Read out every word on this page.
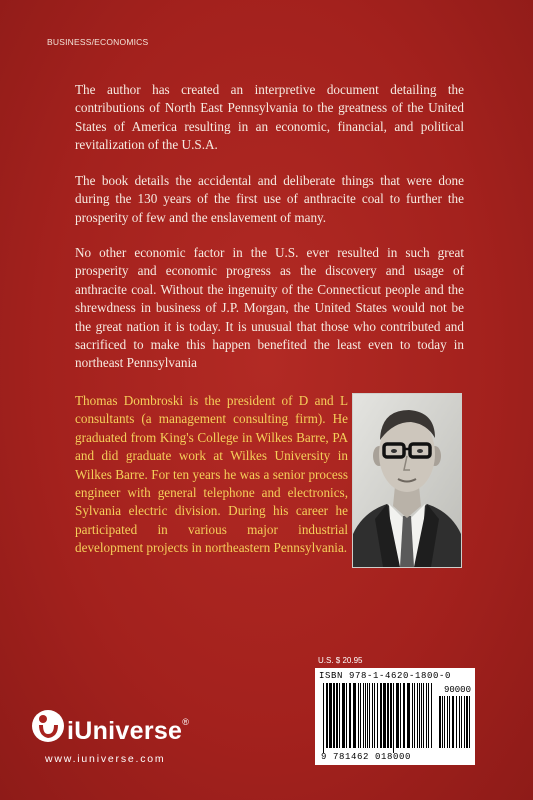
BUSINESS/ECONOMICS

The author has created an interpretive document detailing the contributions of North East Pennsylvania to the greatness of the United States of America resulting in an economic, financial, and political revitalization of the U.S.A.

The book details the accidental and deliberate things that were done during the 130 years of the first use of anthracite coal to further the prosperity of few and the enslavement of many.

No other economic factor in the U.S. ever resulted in such great prosperity and economic progress as the discovery and usage of anthracite coal. Without the ingenuity of the Connecticut people and the shrewdness in business of J.P. Morgan, the United States would not be the great nation it is today. It is unusual that those who contributed and sacrificed to make this happen benefited the least even to today in northeast Pennsylvania

Thomas Dombroski is the president of D and L consultants (a management consulting firm). He graduated from King's College in Wilkes Barre, PA and did graduate work at Wilkes University in Wilkes Barre. For ten years he was a senior process engineer with general telephone and electronics, Sylvania electric division. During his career he participated in various major industrial development projects in northeastern Pennsylvania.

U.S. $ 20.95
ISBN 978-1-4620-1800-0
90000
9 781462 018000
iUniverse®
www.iuniverse.com
